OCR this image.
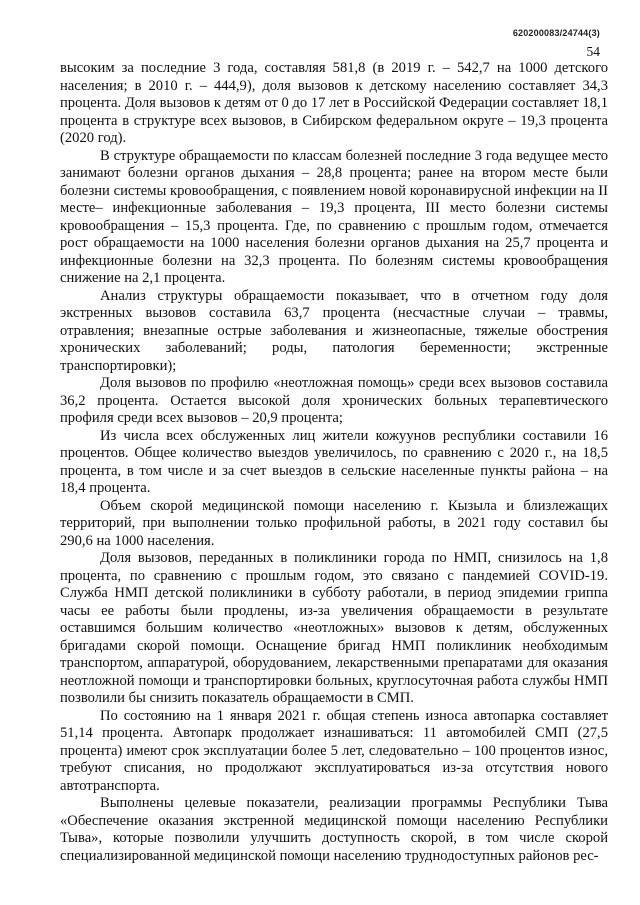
620200083/24744(3)
54

высоким за последние 3 года, составляя 581,8 (в 2019 г. – 542,7 на 1000 детского населения; в 2010 г. – 444,9), доля вызовов к детскому населению составляет 34,3 процента. Доля вызовов к детям от 0 до 17 лет в Российской Федерации составляет 18,1 процента в структуре всех вызовов, в Сибирском федеральном округе – 19,3 процента (2020 год).

В структуре обращаемости по классам болезней последние 3 года ведущее место занимают болезни органов дыхания – 28,8 процента; ранее на втором месте были болезни системы кровообращения, с появлением новой коронавирусной инфекции на II месте– инфекционные заболевания – 19,3 процента, III место болезни системы кровообращения – 15,3 процента. Где, по сравнению с прошлым годом, отмечается рост обращаемости на 1000 населения болезни органов дыхания на 25,7 процента и инфекционные болезни на 32,3 процента. По болезням системы кровообращения снижение на 2,1 процента.

Анализ структуры обращаемости показывает, что в отчетном году доля экстренных вызовов составила 63,7 процента (несчастные случаи – травмы, отравления; внезапные острые заболевания и жизнеопасные, тяжелые обострения хронических заболеваний; роды, патология беременности; экстренные транспортировки);

Доля вызовов по профилю «неотложная помощь» среди всех вызовов составила 36,2 процента. Остается высокой доля хронических больных терапевтического профиля среди всех вызовов – 20,9 процента;

Из числа всех обслуженных лиц жители кожуунов республики составили 16 процентов. Общее количество выездов увеличилось, по сравнению с 2020 г., на 18,5 процента, в том числе и за счет выездов в сельские населенные пункты района – на 18,4 процента.

Объем скорой медицинской помощи населению г. Кызыла и близлежащих территорий, при выполнении только профильной работы, в 2021 году составил бы 290,6 на 1000 населения.

Доля вызовов, переданных в поликлиники города по НМП, снизилось на 1,8 процента, по сравнению с прошлым годом, это связано с пандемией COVID-19. Служба НМП детской поликлиники в субботу работали, в период эпидемии гриппа часы ее работы были продлены, из-за увеличения обращаемости в результате оставшимся большим количество «неотложных» вызовов к детям, обслуженных бригадами скорой помощи. Оснащение бригад НМП поликлиник необходимым транспортом, аппаратурой, оборудованием, лекарственными препаратами для оказания неотложной помощи и транспортировки больных, круглосуточная работа службы НМП позволили бы снизить показатель обращаемости в СМП.

По состоянию на 1 января 2021 г. общая степень износа автопарка составляет 51,14 процента. Автопарк продолжает изнашиваться: 11 автомобилей СМП (27,5 процента) имеют срок эксплуатации более 5 лет, следовательно – 100 процентов износ, требуют списания, но продолжают эксплуатироваться из-за отсутствия нового автотранспорта.

Выполнены целевые показатели, реализации программы Республики Тыва «Обеспечение оказания экстренной медицинской помощи населению Республики Тыва», которые позволили улучшить доступность скорой, в том числе скорой специализированной медицинской помощи населению труднодоступных районов рес-
